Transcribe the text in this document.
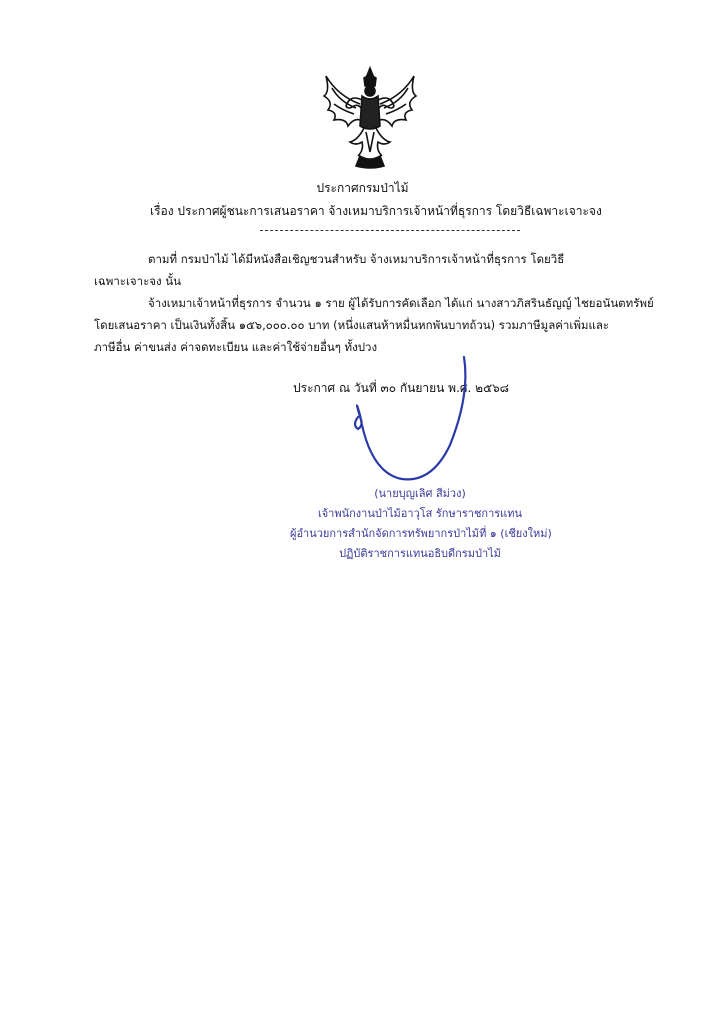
ประกาศกรมป่าไม้
เรื่อง ประกาศผู้ชนะการเสนอราคา จ้างเหมาบริการเจ้าหน้าที่ธุรการ โดยวิธีเฉพาะเจาะจง
ตามที่ กรมป่าไม้ ได้มีหนังสือเชิญชวนสำหรับ จ้างเหมาบริการเจ้าหน้าที่ธุรการ โดยวิธี
เฉพาะเจาะจง นั้น
จ้างเหมาเจ้าหน้าที่ธุรการ จำนวน ๑ ราย ผู้ได้รับการคัดเลือก ได้แก่ นางสาวภิสรินธัญญ์ ไชยอนันตทรัพย์
โดยเสนอราคา เป็นเงินทั้งสิ้น ๑๕๖,๐๐๐.๐๐ บาท (หนึ่งแสนห้าหมื่นหกพันบาทถ้วน) รวมภาษีมูลค่าเพิ่มและ
ภาษีอื่น ค่าขนส่ง ค่าจดทะเบียน และค่าใช้จ่ายอื่นๆ ทั้งปวง
ประกาศ ณ วันที่ ๓๐ กันยายน พ.ศ. ๒๕๖๘
(นายบุญเลิศ สีม่วง)
เจ้าพนักงานป่าไม้อาวุโส รักษาราชการแทน
ผู้อำนวยการสำนักจัดการทรัพยากรป่าไม้ที่ ๑ (เชียงใหม่)
ปฏิบัติราชการแทนอธิบดีกรมป่าไม้
